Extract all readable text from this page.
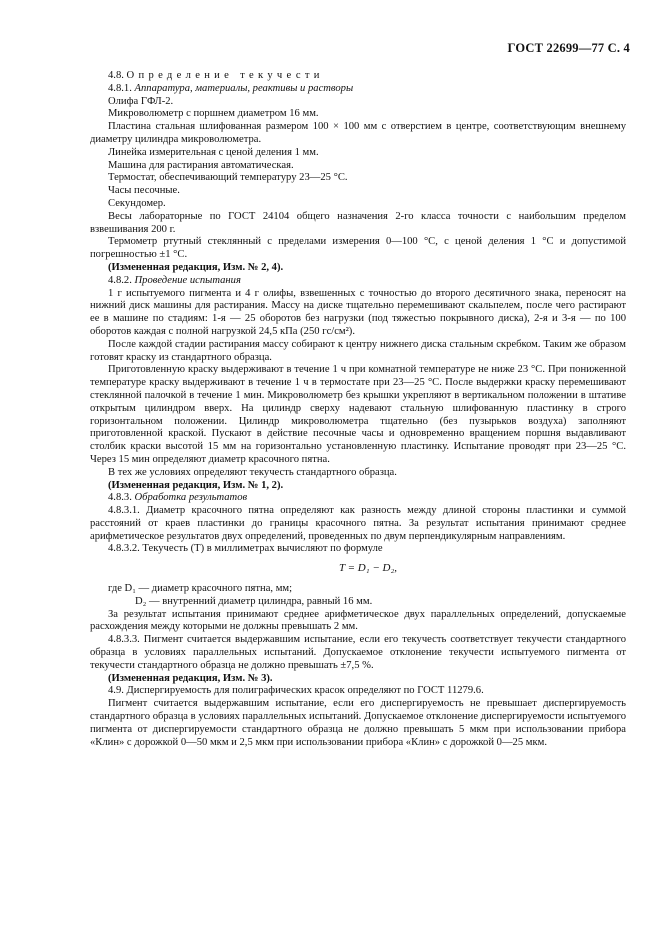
ГОСТ 22699—77 С. 4

4.8. Определение текучести

4.8.1. Аппаратура, материалы, реактивы и растворы

Олифа ГФЛ-2.

Микроволюметр с поршнем диаметром 16 мм.

Пластина стальная шлифованная размером 100 × 100 мм с отверстием в центре, соответствующим внешнему диаметру цилиндра микроволюметра.

Линейка измерительная с ценой деления 1 мм.

Машина для растирания автоматическая.

Термостат, обеспечивающий температуру 23—25 °С.

Часы песочные.

Секундомер.

Весы лабораторные по ГОСТ 24104 общего назначения 2-го класса точности с наибольшим пределом взвешивания 200 г.

Термометр ртутный стеклянный с пределами измерения 0—100 °С, с ценой деления 1 °С и допустимой погрешностью ±1 °С.

(Измененная редакция, Изм. № 2, 4).

4.8.2. Проведение испытания

1 г испытуемого пигмента и 4 г олифы, взвешенных с точностью до второго десятичного знака, переносят на нижний диск машины для растирания. Массу на диске тщательно перемешивают скальпелем, после чего растирают ее в машине по стадиям: 1-я — 25 оборотов без нагрузки (под тяжестью покрывного диска), 2-я и 3-я — по 100 оборотов каждая с полной нагрузкой 24,5 кПа (250 гс/см²).

После каждой стадии растирания массу собирают к центру нижнего диска стальным скребком. Таким же образом готовят краску из стандартного образца.

Приготовленную краску выдерживают в течение 1 ч при комнатной температуре не ниже 23 °С. При пониженной температуре краску выдерживают в течение 1 ч в термостате при 23—25 °С. После выдержки краску перемешивают стеклянной палочкой в течение 1 мин. Микроволюметр без крышки укрепляют в вертикальном положении в штативе открытым цилиндром вверх. На цилиндр сверху надевают стальную шлифованную пластинку в строго горизонтальном положении. Цилиндр микроволюметра тщательно (без пузырьков воздуха) заполняют приготовленной краской. Пускают в действие песочные часы и одновременно вращением поршня выдавливают столбик краски высотой 15 мм на горизонтально установленную пластинку. Испытание проводят при 23—25 °С. Через 15 мин определяют диаметр красочного пятна.

В тех же условиях определяют текучесть стандартного образца.

(Измененная редакция, Изм. № 1, 2).

4.8.3. Обработка результатов

4.8.3.1. Диаметр красочного пятна определяют как разность между длиной стороны пластинки и суммой расстояний от краев пластинки до границы красочного пятна. За результат испытания принимают среднее арифметическое результатов двух определений, проведенных по двум перпендикулярным направлениям.

4.8.3.2. Текучесть (T) в миллиметрах вычисляют по формуле

T = D₁ − D₂,

где D₁ — диаметр красочного пятна, мм;
D₂ — внутренний диаметр цилиндра, равный 16 мм.

За результат испытания принимают среднее арифметическое двух параллельных определений, допускаемые расхождения между которыми не должны превышать 2 мм.

4.8.3.3. Пигмент считается выдержавшим испытание, если его текучесть соответствует текучести стандартного образца в условиях параллельных испытаний. Допускаемое отклонение текучести испытуемого пигмента от текучести стандартного образца не должно превышать ±7,5 %.

(Измененная редакция, Изм. № 3).

4.9. Диспергируемость для полиграфических красок определяют по ГОСТ 11279.6.

Пигмент считается выдержавшим испытание, если его диспергируемость не превышает диспергируемость стандартного образца в условиях параллельных испытаний. Допускаемое отклонение диспергируемости испытуемого пигмента от диспергируемости стандартного образца не должно превышать 5 мкм при использовании прибора «Клин» с дорожкой 0—50 мкм и 2,5 мкм при использовании прибора «Клин» с дорожкой 0—25 мкм.
